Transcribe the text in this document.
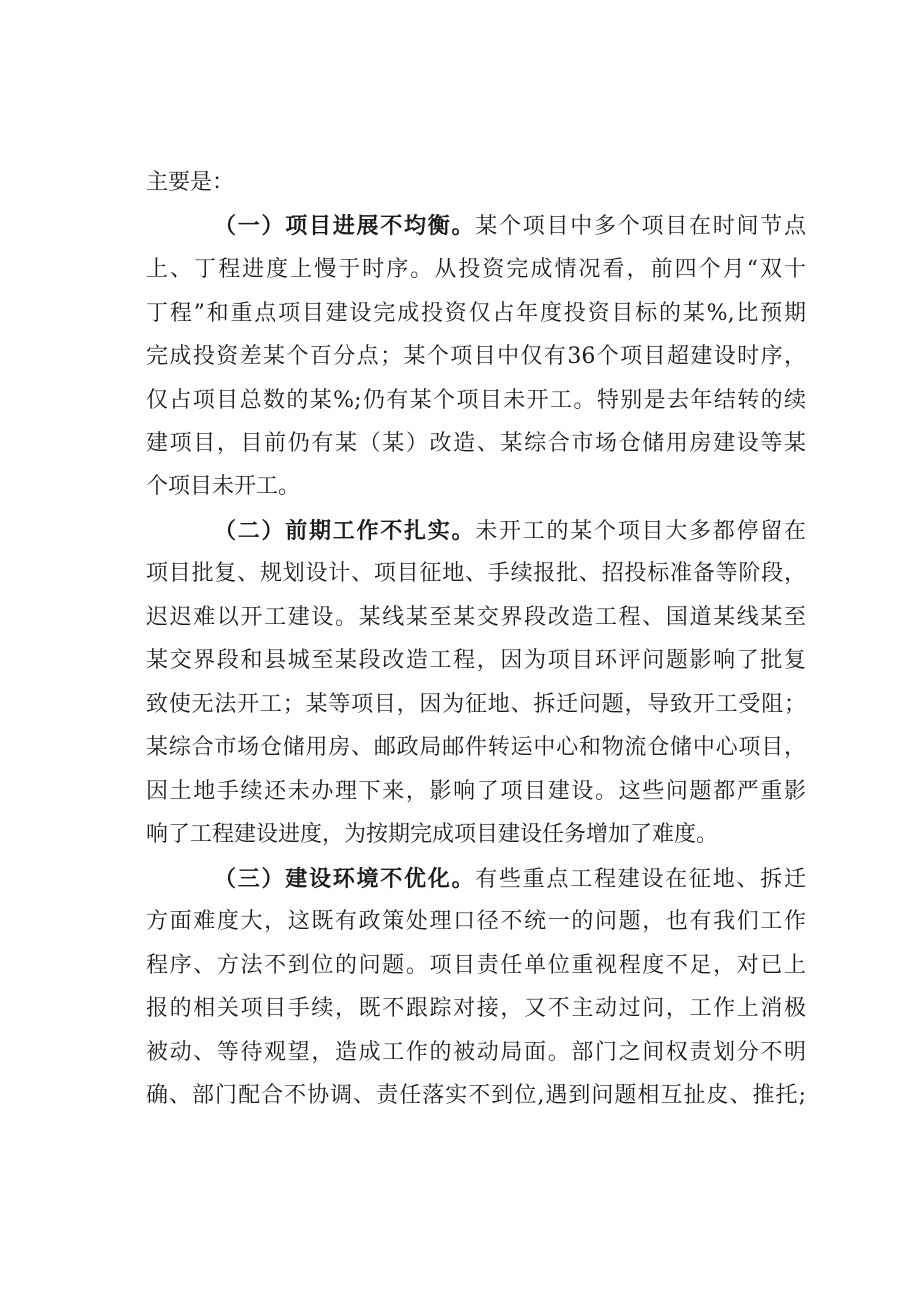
主要是：
（一）项目进展不均衡。某个项目中多个项目在时间节点
上、丁程进度上慢于时序。从投资完成情况看，前四个月“双十
丁程”和重点项目建设完成投资仅占年度投资目标的某%,比预期
完成投资差某个百分点；某个项目中仅有36个项目超建设时序，
仅占项目总数的某%;仍有某个项目未开工。特别是去年结转的续
建项目，目前仍有某（某）改造、某综合市场仓储用房建设等某
个项目未开工。
（二）前期工作不扎实。未开工的某个项目大多都停留在
项目批复、规划设计、项目征地、手续报批、招投标准备等阶段，
迟迟难以开工建设。某线某至某交界段改造工程、国道某线某至
某交界段和县城至某段改造工程，因为项目环评问题影响了批复
致使无法开工；某等项目，因为征地、拆迁问题，导致开工受阻；
某综合市场仓储用房、邮政局邮件转运中心和物流仓储中心项目，
因土地手续还未办理下来，影响了项目建设。这些问题都严重影
响了工程建设进度，为按期完成项目建设任务增加了难度。
（三）建设环境不优化。有些重点工程建设在征地、拆迁
方面难度大，这既有政策处理口径不统一的问题，也有我们工作
程序、方法不到位的问题。项目责任单位重视程度不足，对已上
报的相关项目手续，既不跟踪对接，又不主动过问，工作上消极
被动、等待观望，造成工作的被动局面。部门之间权责划分不明
确、部门配合不协调、责任落实不到位,遇到问题相互扯皮、推托;
